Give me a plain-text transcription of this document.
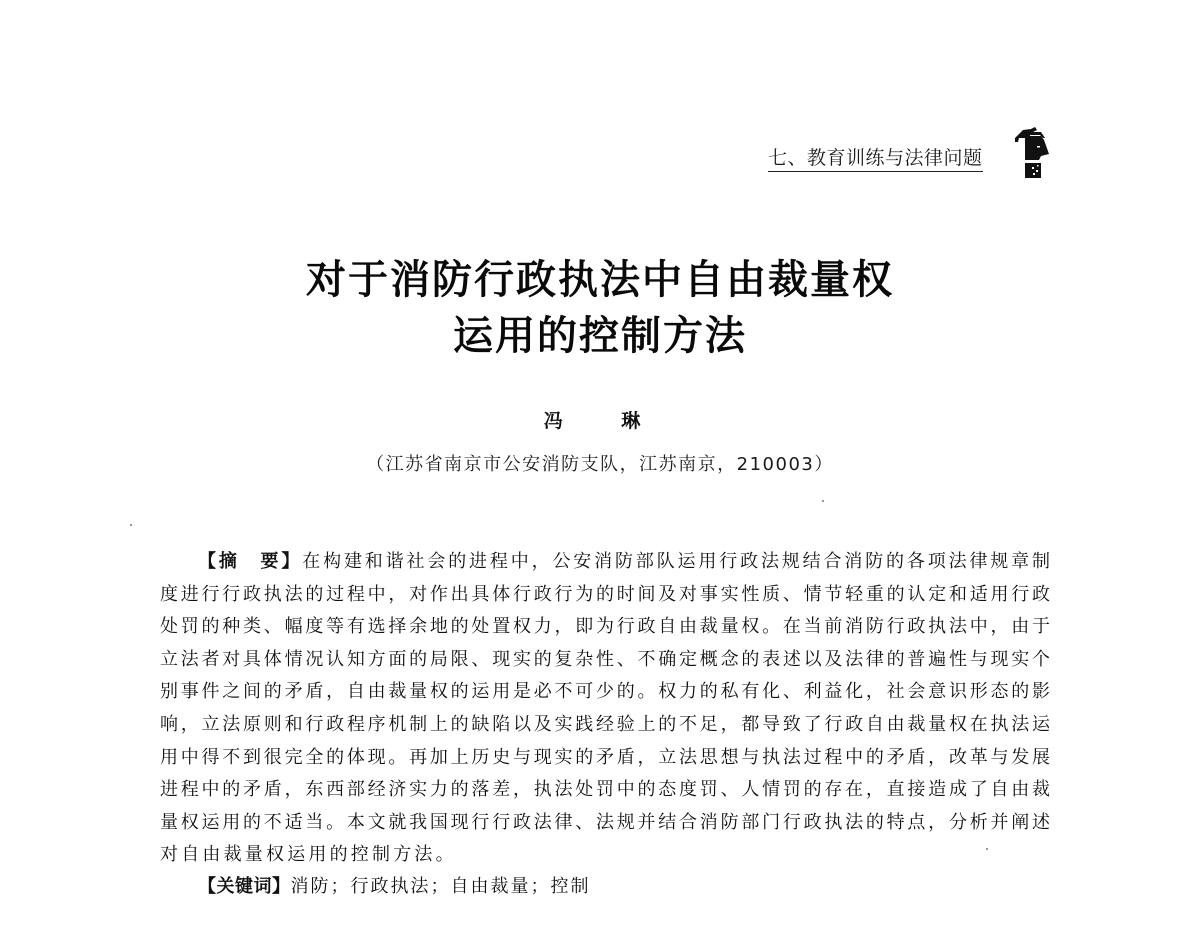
七、教育训练与法律问题
对于消防行政执法中自由裁量权
运用的控制方法
冯 琳
（江苏省南京市公安消防支队，江苏南京，210003）
【摘　要】在构建和谐社会的进程中，公安消防部队运用行政法规结合消防的各项法律规章制
度进行行政执法的过程中，对作出具体行政行为的时间及对事实性质、情节轻重的认定和适用行政
处罚的种类、幅度等有选择余地的处置权力，即为行政自由裁量权。在当前消防行政执法中，由于
立法者对具体情况认知方面的局限、现实的复杂性、不确定概念的表述以及法律的普遍性与现实个
别事件之间的矛盾，自由裁量权的运用是必不可少的。权力的私有化、利益化，社会意识形态的影
响，立法原则和行政程序机制上的缺陷以及实践经验上的不足，都导致了行政自由裁量权在执法运
用中得不到很完全的体现。再加上历史与现实的矛盾，立法思想与执法过程中的矛盾，改革与发展
进程中的矛盾，东西部经济实力的落差，执法处罚中的态度罚、人情罚的存在，直接造成了自由裁
量权运用的不适当。本文就我国现行行政法律、法规并结合消防部门行政执法的特点，分析并阐述
对自由裁量权运用的控制方法。
【关键词】消防；行政执法；自由裁量；控制
